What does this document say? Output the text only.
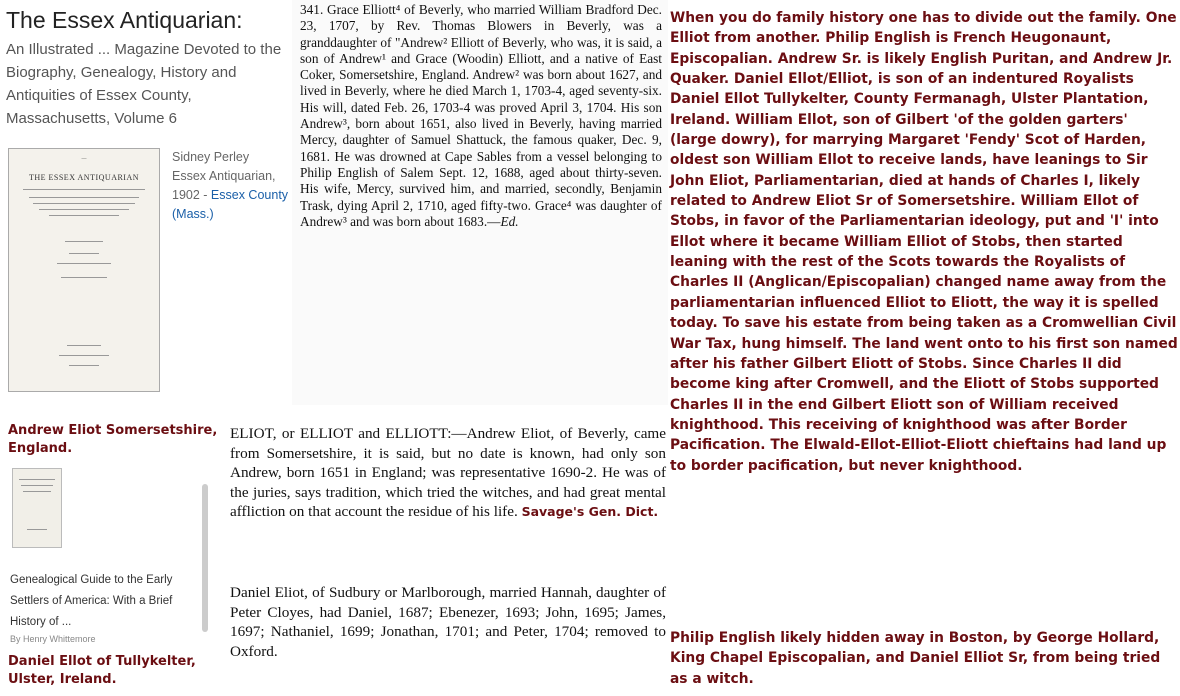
The Essex Antiquarian:
An Illustrated ... Magazine Devoted to the Biography, Genealogy, History and Antiquities of Essex County, Massachusetts, Volume 6
—
THE ESSEX ANTIQUARIAN
Sidney Perley
Essex Antiquarian,
1902 - Essex County (Mass.)
341. Grace Elliott⁴ of Beverly, who married William Bradford Dec. 23, 1707, by Rev. Thomas Blowers in Beverly, was a granddaughter of "Andrew² Elliott of Beverly, who was, it is said, a son of Andrew¹ and Grace (Woodin) Elliott, and a native of East Coker, Somersetshire, England. Andrew² was born about 1627, and lived in Beverly, where he died March 1, 1703-4, aged seventy-six. His will, dated Feb. 26, 1703-4 was proved April 3, 1704. His son Andrew³, born about 1651, also lived in Beverly, having married Mercy, daughter of Samuel Shattuck, the famous quaker, Dec. 9, 1681. He was drowned at Cape Sables from a vessel belonging to Philip English of Salem Sept. 12, 1688, aged about thirty-seven. His wife, Mercy, survived him, and married, secondly, Benjamin Trask, dying April 2, 1710, aged fifty-two. Grace⁴ was daughter of Andrew³ and was born about 1683.—Ed.
Andrew Eliot Somersetshire, England.
Genealogical Guide to the Early Settlers of America: With a Brief History of ...
By Henry Whittemore
Daniel Ellot of Tullykelter, Ulster, Ireland.
ELIOT, or ELLIOT and ELLIOTT:—Andrew Eliot, of Beverly, came from Somersetshire, it is said, but no date is known, had only son Andrew, born 1651 in England; was representative 1690-2. He was of the juries, says tradition, which tried the witches, and had great mental affliction on that account the residue of his life. Savage's Gen. Dict.
Daniel Eliot, of Sudbury or Marlborough, married Hannah, daughter of Peter Cloyes, had Daniel, 1687; Ebenezer, 1693; John, 1695; James, 1697; Nathaniel, 1699; Jonathan, 1701; and Peter, 1704; removed to Oxford.
When you do family history one has to divide out the family. One Elliot from another. Philip English is French Heugonaunt, Episcopalian. Andrew Sr. is likely English Puritan, and Andrew Jr. Quaker. Daniel Ellot/Elliot, is son of an indentured Royalists Daniel Ellot Tullykelter, County Fermanagh, Ulster Plantation, Ireland. William Ellot, son of Gilbert 'of the golden garters' (large dowry), for marrying Margaret 'Fendy' Scot of Harden, oldest son William Ellot to receive lands, have leanings to Sir John Eliot, Parliamentarian, died at hands of Charles I, likely related to Andrew Eliot Sr of Somersetshire. William Ellot of Stobs, in favor of the Parliamentarian ideology, put and 'I' into Ellot where it became William Elliot of Stobs, then started leaning with the rest of the Scots towards the Royalists of Charles II (Anglican/Episcopalian) changed name away from the parliamentarian influenced Elliot to Eliott, the way it is spelled today. To save his estate from being taken as a Cromwellian Civil War Tax, hung himself. The land went onto to his first son named after his father Gilbert Eliott of Stobs. Since Charles II did become king after Cromwell, and the Eliott of Stobs supported Charles II in the end Gilbert Eliott son of William received knighthood. This receiving of knighthood was after Border Pacification. The Elwald-Ellot-Elliot-Eliott chieftains had land up to border pacification, but never knighthood.
Philip English likely hidden away in Boston, by George Hollard, King Chapel Episcopalian, and Daniel Elliot Sr, from being tried as a witch.
